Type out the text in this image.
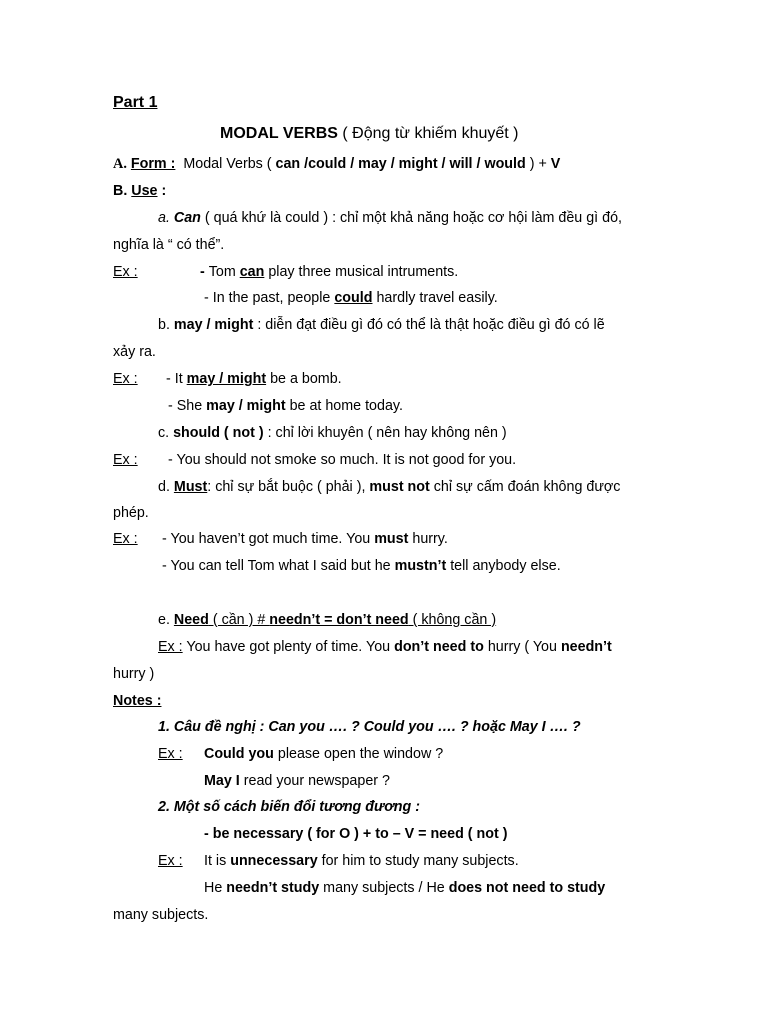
Part 1
MODAL VERBS ( Động từ khiếm khuyết )
A. Form : Modal Verbs ( can /could / may / might / will / would ) + V
B. Use :
a. Can ( quá khứ là could ) : chỉ một khả năng hoặc cơ hội làm đều gì đó,
nghĩa là “ có thể”.
Ex :	- Tom can play three musical intruments.
- In the past, people could hardly travel easily.
b. may / might : diễn đạt điều gì đó có thể là thật hoặc điều gì đó có lẽ
xảy ra.
Ex : - It may / might be a bomb.
- She may / might be at home today.
c. should ( not ) : chỉ lời khuyên ( nên hay không nên )
Ex : - You should not smoke so much. It is not good for you.
d. Must: chỉ sự bắt buộc ( phải ), must not chỉ sự cấm đoán không được
phép.
Ex : - You haven’t got much time. You must hurry.
- You can tell Tom what I said but he mustn’t tell anybody else.
e. Need ( cần ) # needn’t = don’t need ( không cần )
Ex : You have got plenty of time. You don’t need to hurry ( You needn’t
hurry )
Notes :
1. Câu đề nghị : Can you …. ? Could you …. ? hoặc May I …. ?
Ex : Could you please open the window ?
May I read your newspaper ?
2. Một số cách biến đổi tương đương :
- be necessary ( for O ) + to – V = need ( not )
Ex : It is unnecessary for him to study many subjects.
He needn’t study many subjects / He does not need to study
many subjects.
